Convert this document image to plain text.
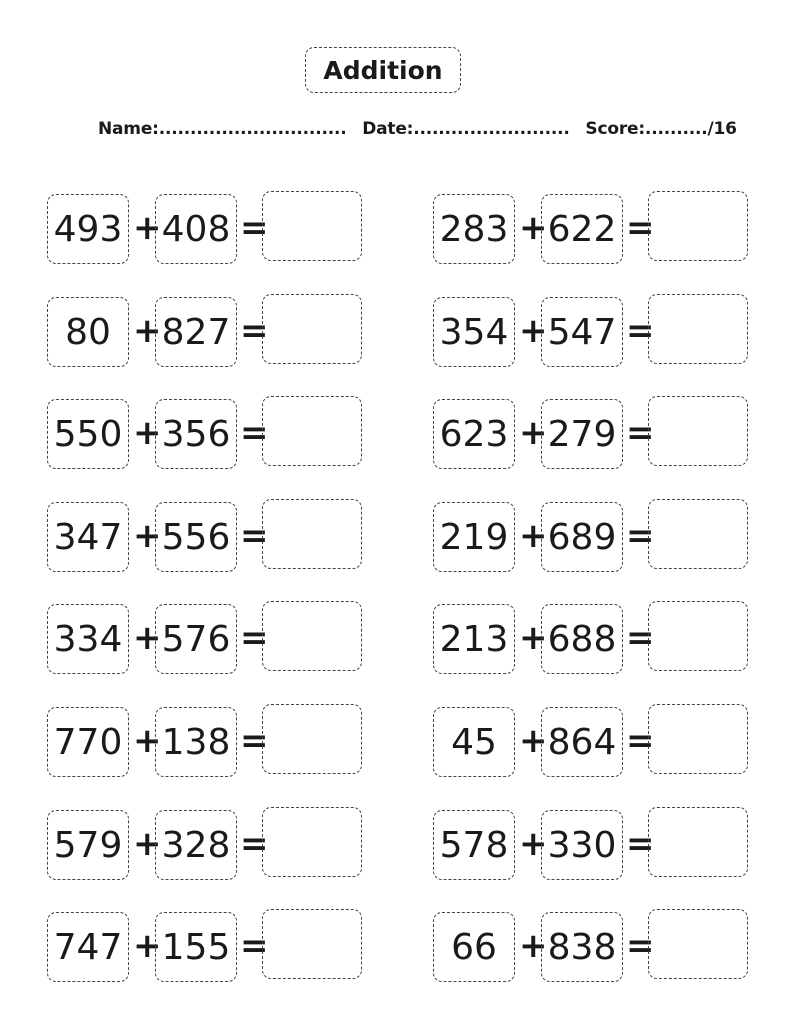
Addition
Name:.............................. Date:......................... Score:........../16
493 + 408 =
80 + 827 =
550 + 356 =
347 + 556 =
334 + 576 =
770 + 138 =
579 + 328 =
747 + 155 =
283 + 622 =
354 + 547 =
623 + 279 =
219 + 689 =
213 + 688 =
45 + 864 =
578 + 330 =
66 + 838 =
